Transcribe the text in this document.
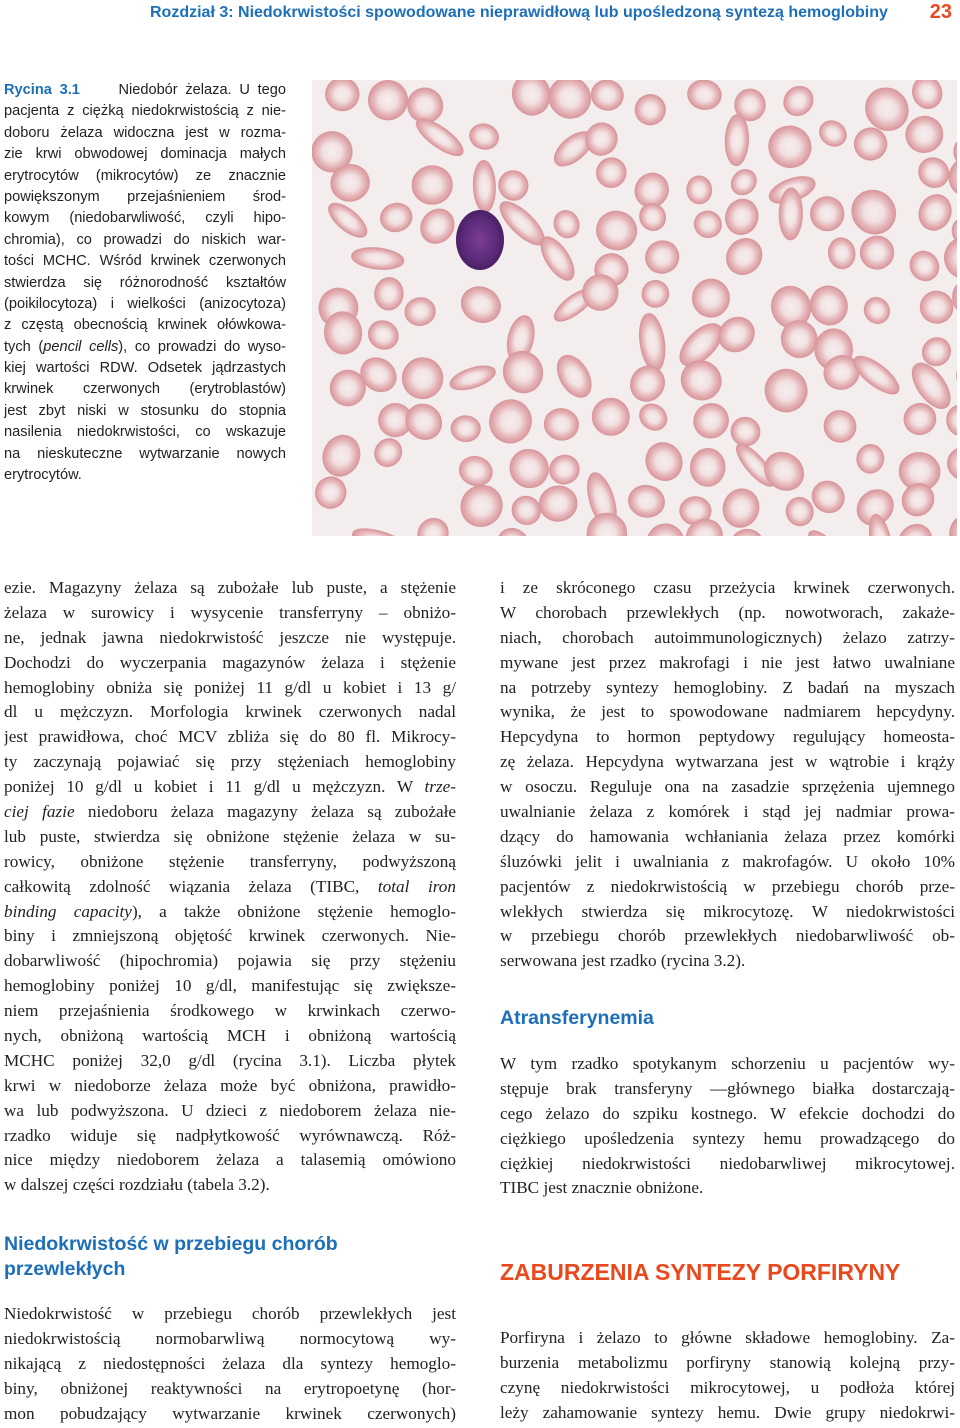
Rozdział 3: Niedokrwistości spowodowane nieprawidłową lub upośledzoną syntezą hemoglobiny 23
Rycina 3.1	Niedobór żelaza. U tego
pacjenta z ciężką niedokrwistością z nie-
doboru żelaza widoczna jest w rozma-
zie krwi obwodowej dominacja małych
erytrocytów (mikrocytów) ze znacznie
powiększonym przejaśnieniem środ-
kowym (niedobarwliwość, czyli hipo-
chromia), co prowadzi do niskich war-
tości MCHC. Wśród krwinek czerwonych
stwierdza się różnorodność kształtów
(poikilocytoza) i wielkości (anizocytoza)
z częstą obecnością krwinek ołówkowa-
tych (pencil cells), co prowadzi do wyso-
kiej wartości RDW. Odsetek jądrzastych
krwinek czerwonych (erytroblastów)
jest zbyt niski w stosunku do stopnia
nasilenia niedokrwistości, co wskazuje
na nieskuteczne wytwarzanie nowych
erytrocytów.
ezie. Magazyny żelaza są zubożałe lub puste, a stężenie
żelaza w surowicy i wysycenie transferryny – obniżo-
ne, jednak jawna niedokrwistość jeszcze nie występuje.
Dochodzi do wyczerpania magazynów żelaza i stężenie
hemoglobiny obniża się poniżej 11 g/dl u kobiet i 13 g/
dl u mężczyzn. Morfologia krwinek czerwonych nadal
jest prawidłowa, choć MCV zbliża się do 80 fl. Mikrocy-
ty zaczynają pojawiać się przy stężeniach hemoglobiny
poniżej 10 g/dl u kobiet i 11 g/dl u mężczyzn. W trze-
ciej fazie niedoboru żelaza magazyny żelaza są zubożałe
lub puste, stwierdza się obniżone stężenie żelaza w su-
rowicy, obniżone stężenie transferryny, podwyższoną
całkowitą zdolność wiązania żelaza (TIBC, total iron
binding capacity), a także obniżone stężenie hemoglo-
biny i zmniejszoną objętość krwinek czerwonych. Nie-
dobarwliwość (hipochromia) pojawia się przy stężeniu
hemoglobiny poniżej 10 g/dl, manifestując się zwiększe-
niem przejaśnienia środkowego w krwinkach czerwo-
nych, obniżoną wartością MCH i obniżoną wartością
MCHC poniżej 32,0 g/dl (rycina 3.1). Liczba płytek
krwi w niedoborze żelaza może być obniżona, prawidło-
wa lub podwyższona. U dzieci z niedoborem żelaza nie-
rzadko widuje się nadpłytkowość wyrównawczą. Róż-
nice między niedoborem żelaza a talasemią omówiono
w dalszej części rozdziału (tabela 3.2).
Niedokrwistość w przebiegu chorób
przewlekłych
Niedokrwistość w przebiegu chorób przewlekłych jest
niedokrwistością normobarwliwą normocytową wy-
nikającą z niedostępności żelaza dla syntezy hemoglo-
biny, obniżonej reaktywności na erytropoetynę (hor-
mon pobudzający wytwarzanie krwinek czerwonych)
i ze skróconego czasu przeżycia krwinek czerwonych.
W chorobach przewlekłych (np. nowotworach, zakaże-
niach, chorobach autoimmunologicznych) żelazo zatrzy-
mywane jest przez makrofagi i nie jest łatwo uwalniane
na potrzeby syntezy hemoglobiny. Z badań na myszach
wynika, że jest to spowodowane nadmiarem hepcydyny.
Hepcydyna to hormon peptydowy regulujący homeosta-
zę żelaza. Hepcydyna wytwarzana jest w wątrobie i krąży
w osoczu. Reguluje ona na zasadzie sprzężenia ujemnego
uwalnianie żelaza z komórek i stąd jej nadmiar prowa-
dzący do hamowania wchłaniania żelaza przez komórki
śluzówki jelit i uwalniania z makrofagów. U około 10%
pacjentów z niedokrwistością w przebiegu chorób prze-
wlekłych stwierdza się mikrocytozę. W niedokrwistości
w przebiegu chorób przewlekłych niedobarwliwość ob-
serwowana jest rzadko (rycina 3.2).
Atransferynemia
W tym rzadko spotykanym schorzeniu u pacjentów wy-
stępuje brak transferyny —głównego białka dostarczają-
cego żelazo do szpiku kostnego. W efekcie dochodzi do
ciężkiego upośledzenia syntezy hemu prowadzącego do
ciężkiej niedokrwistości niedobarwliwej mikrocytowej.
TIBC jest znacznie obniżone.
ZABURZENIA SYNTEZY PORFIRYNY
Porfiryna i żelazo to główne składowe hemoglobiny. Za-
burzenia metabolizmu porfiryny stanowią kolejną przy-
czynę niedokrwistości mikrocytowej, u podłoża której
leży zahamowanie syntezy hemu. Dwie grupy niedokrwi-
